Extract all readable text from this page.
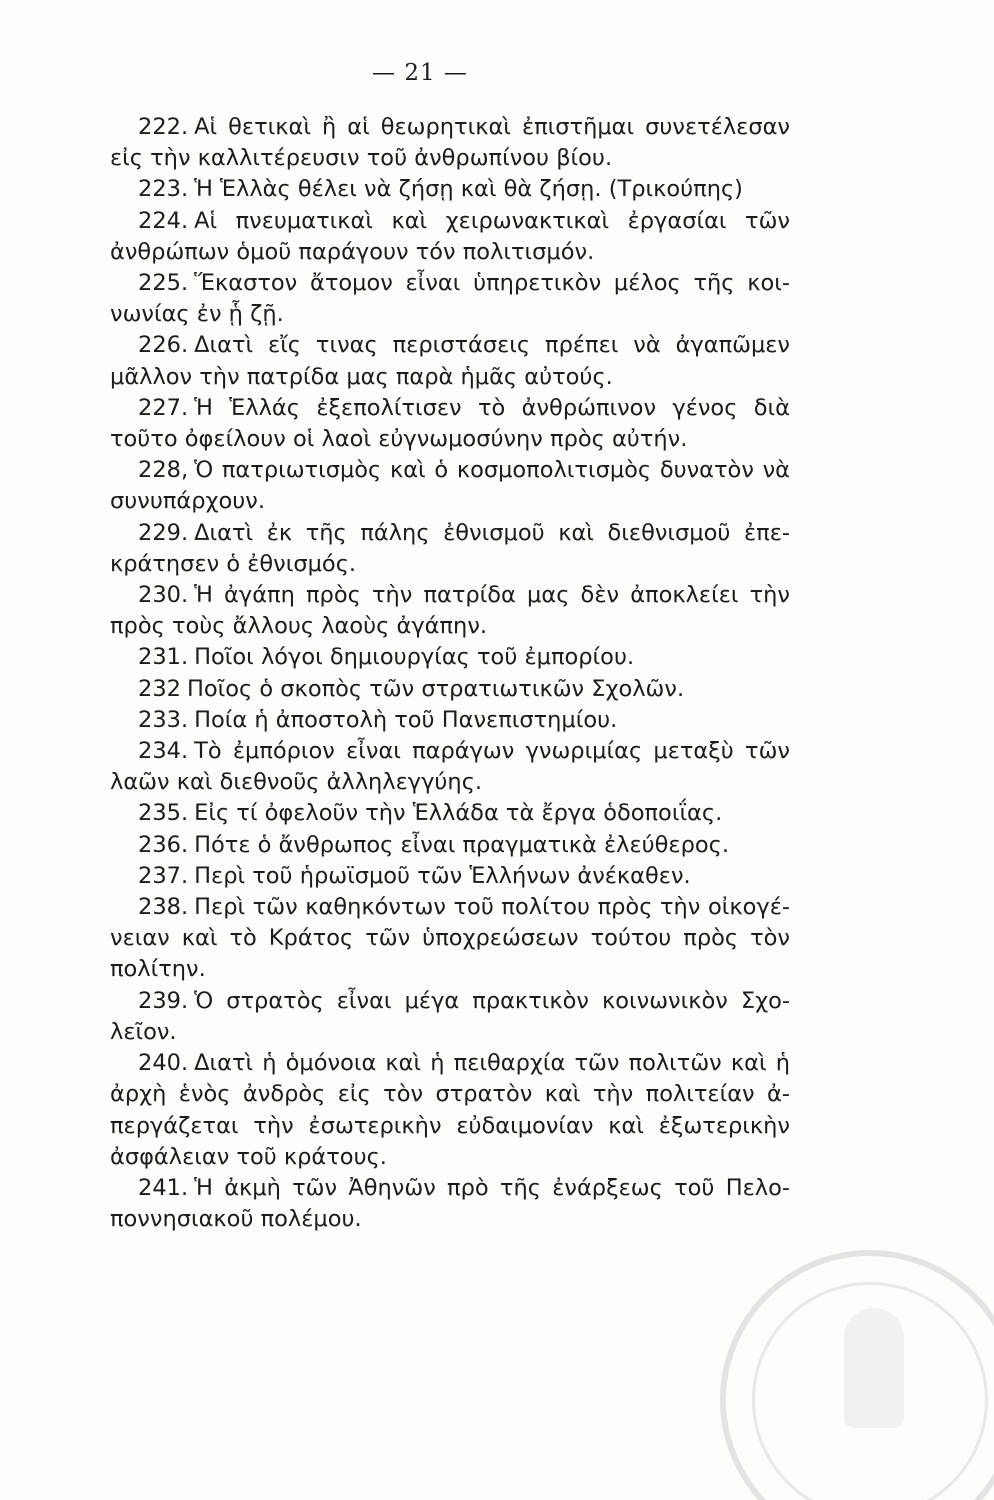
— 21 —

222. Αἱ θετικαὶ ἢ αἱ θεωρητικαὶ ἐπιστῆμαι συνετέλεσαν εἰς τὴν καλλιτέρευσιν τοῦ ἀνθρωπίνου βίου.

223. Ἡ Ἑλλὰς θέλει νὰ ζήσῃ καὶ θὰ ζήσῃ. (Τρικούπης)

224. Αἱ πνευματικαὶ καὶ χειρωνακτικαὶ ἐργασίαι τῶν ἀνθρώπων ὁμοῦ παράγουν τόν πολιτισμόν.

225. Ἕκαστον ἄτομον εἶναι ὑπηρετικὸν μέλος τῆς κοινωνίας ἐν ᾗ ζῇ.

226. Διατὶ εἴς τινας περιστάσεις πρέπει νὰ ἀγαπῶμεν μᾶλλον τὴν πατρίδα μας παρὰ ἡμᾶς αὐτούς.

227. Ἡ Ἑλλάς ἐξεπολίτισεν τὸ ἀνθρώπινον γένος διὰ τοῦτο ὀφείλουν οἱ λαοὶ εὐγνωμοσύνην πρὸς αὐτήν.

228, Ὁ πατριωτισμὸς καὶ ὁ κοσμοπολιτισμὸς δυνατὸν νὰ συνυπάρχουν.

229. Διατὶ ἐκ τῆς πάλης ἐθνισμοῦ καὶ διεθνισμοῦ ἐπεκράτησεν ὁ ἐθνισμός.

230. Ἡ ἀγάπη πρὸς τὴν πατρίδα μας δὲν ἀποκλείει τὴν πρὸς τοὺς ἄλλους λαοὺς ἀγάπην.

231. Ποῖοι λόγοι δημιουργίας τοῦ ἐμπορίου.

232 Ποῖος ὁ σκοπὸς τῶν στρατιωτικῶν Σχολῶν.

233. Ποία ἡ ἀποστολὴ τοῦ Πανεπιστημίου.

234. Τὸ ἐμπόριον εἶναι παράγων γνωριμίας μεταξὺ τῶν λαῶν καὶ διεθνοῦς ἀλληλεγγύης.

235. Εἰς τί ὀφελοῦν τὴν Ἑλλάδα τὰ ἔργα ὁδοποιΐας.

236. Πότε ὁ ἄνθρωπος εἶναι πραγματικὰ ἐλεύθερος.

237. Περὶ τοῦ ἡρωϊσμοῦ τῶν Ἑλλήνων ἀνέκαθεν.

238. Περὶ τῶν καθηκόντων τοῦ πολίτου πρὸς τὴν οἰκογένειαν καὶ τὸ Κράτος τῶν ὑποχρεώσεων τούτου πρὸς τὸν πολίτην.

239. Ὁ στρατὸς εἶναι μέγα πρακτικὸν κοινωνικὸν Σχολεῖον.

240. Διατὶ ἡ ὁμόνοια καὶ ἡ πειθαρχία τῶν πολιτῶν καὶ ἡ ἀρχὴ ἑνὸς ἀνδρὸς εἰς τὸν στρατὸν καὶ τὴν πολιτείαν ἀπεργάζεται τὴν ἐσωτερικὴν εὐδαιμονίαν καὶ ἐξωτερικὴν ἀσφάλειαν τοῦ κράτους.

241. Ἡ ἀκμὴ τῶν Ἀθηνῶν πρὸ τῆς ἐνάρξεως τοῦ Πελοποννησιακοῦ πολέμου.
